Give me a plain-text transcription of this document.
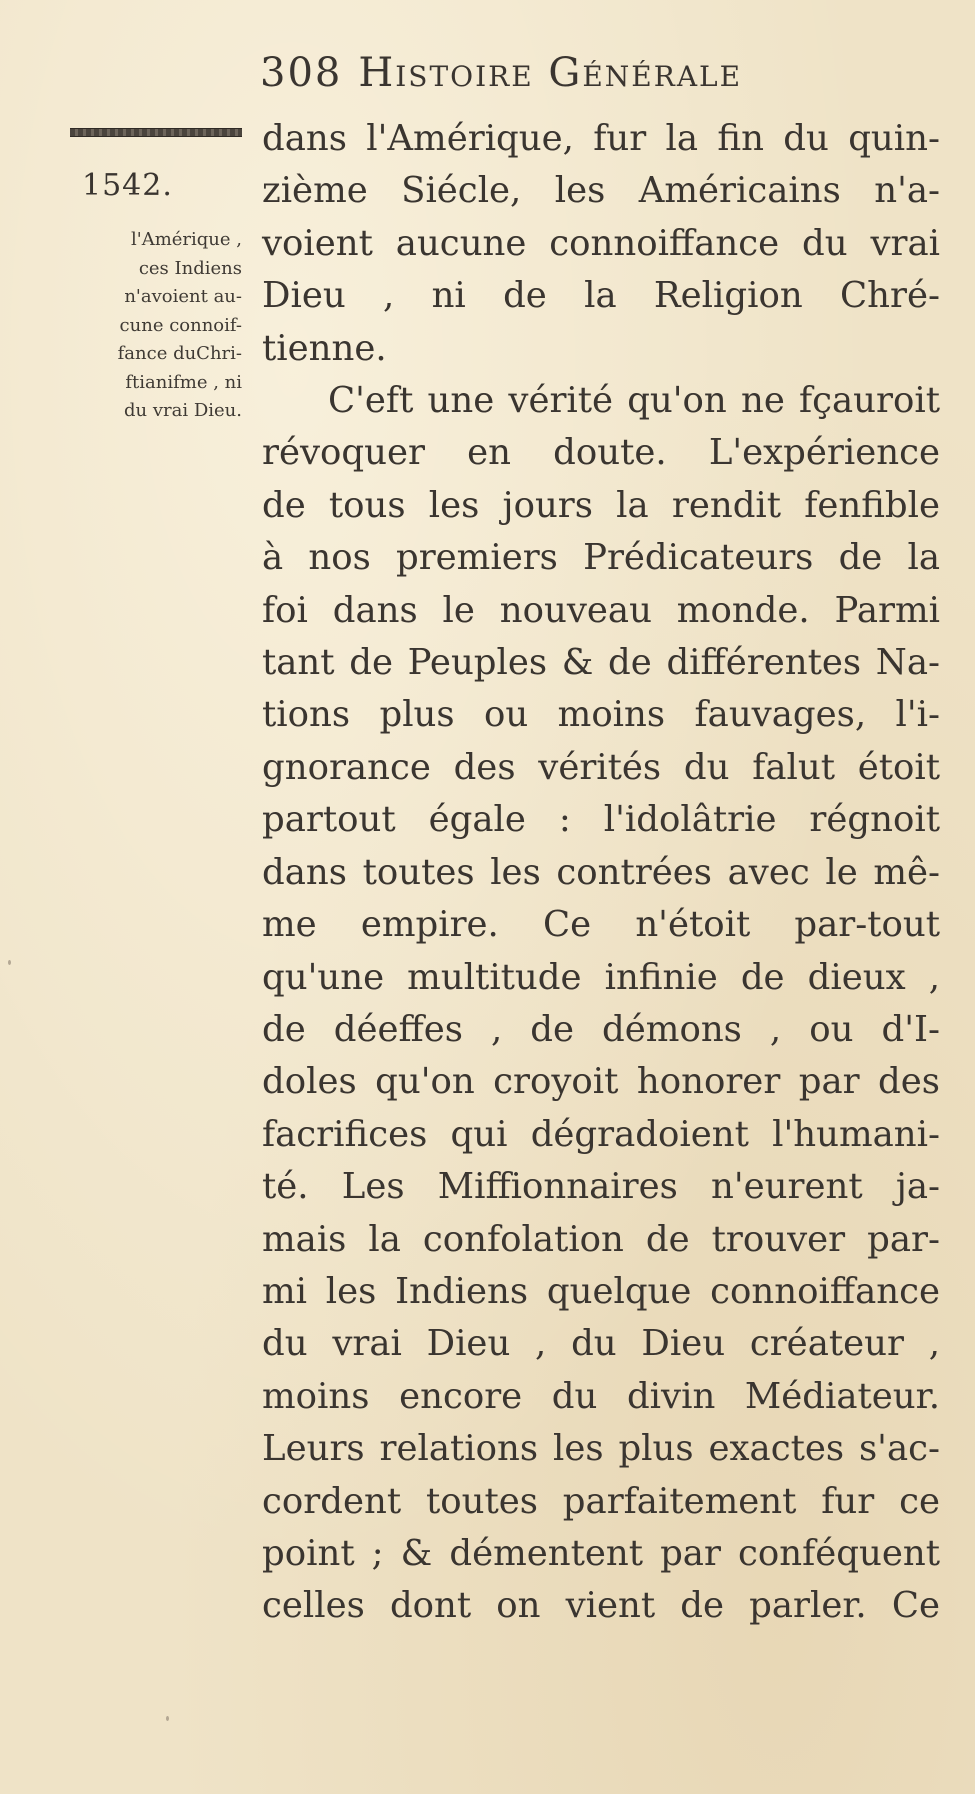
308 Histoire Générale
1542.
l'Amérique ,
ces Indiens
n'avoient au-
cune connoif-
fance duChri-
ftianifme , ni
du vrai Dieu.
dans l'Amérique, fur la fin du quin-
zième Siécle, les Américains n'a-
voient aucune connoiffance du vrai
Dieu , ni de la Religion Chré-
tienne.
C'eft une vérité qu'on ne fçauroit
révoquer en doute. L'expérience
de tous les jours la rendit fenfible
à nos premiers Prédicateurs de la
foi dans le nouveau monde. Parmi
tant de Peuples & de différentes Na-
tions plus ou moins fauvages, l'i-
gnorance des vérités du falut étoit
partout égale : l'idolâtrie régnoit
dans toutes les contrées avec le mê-
me empire. Ce n'étoit par-tout
qu'une multitude infinie de dieux ,
de déeffes , de démons , ou d'I-
doles qu'on croyoit honorer par des
facrifices qui dégradoient l'humani-
té. Les Miffionnaires n'eurent ja-
mais la confolation de trouver par-
mi les Indiens quelque connoiffance
du vrai Dieu , du Dieu créateur ,
moins encore du divin Médiateur.
Leurs relations les plus exactes s'ac-
cordent toutes parfaitement fur ce
point ; & démentent par conféquent
celles dont on vient de parler. Ce
